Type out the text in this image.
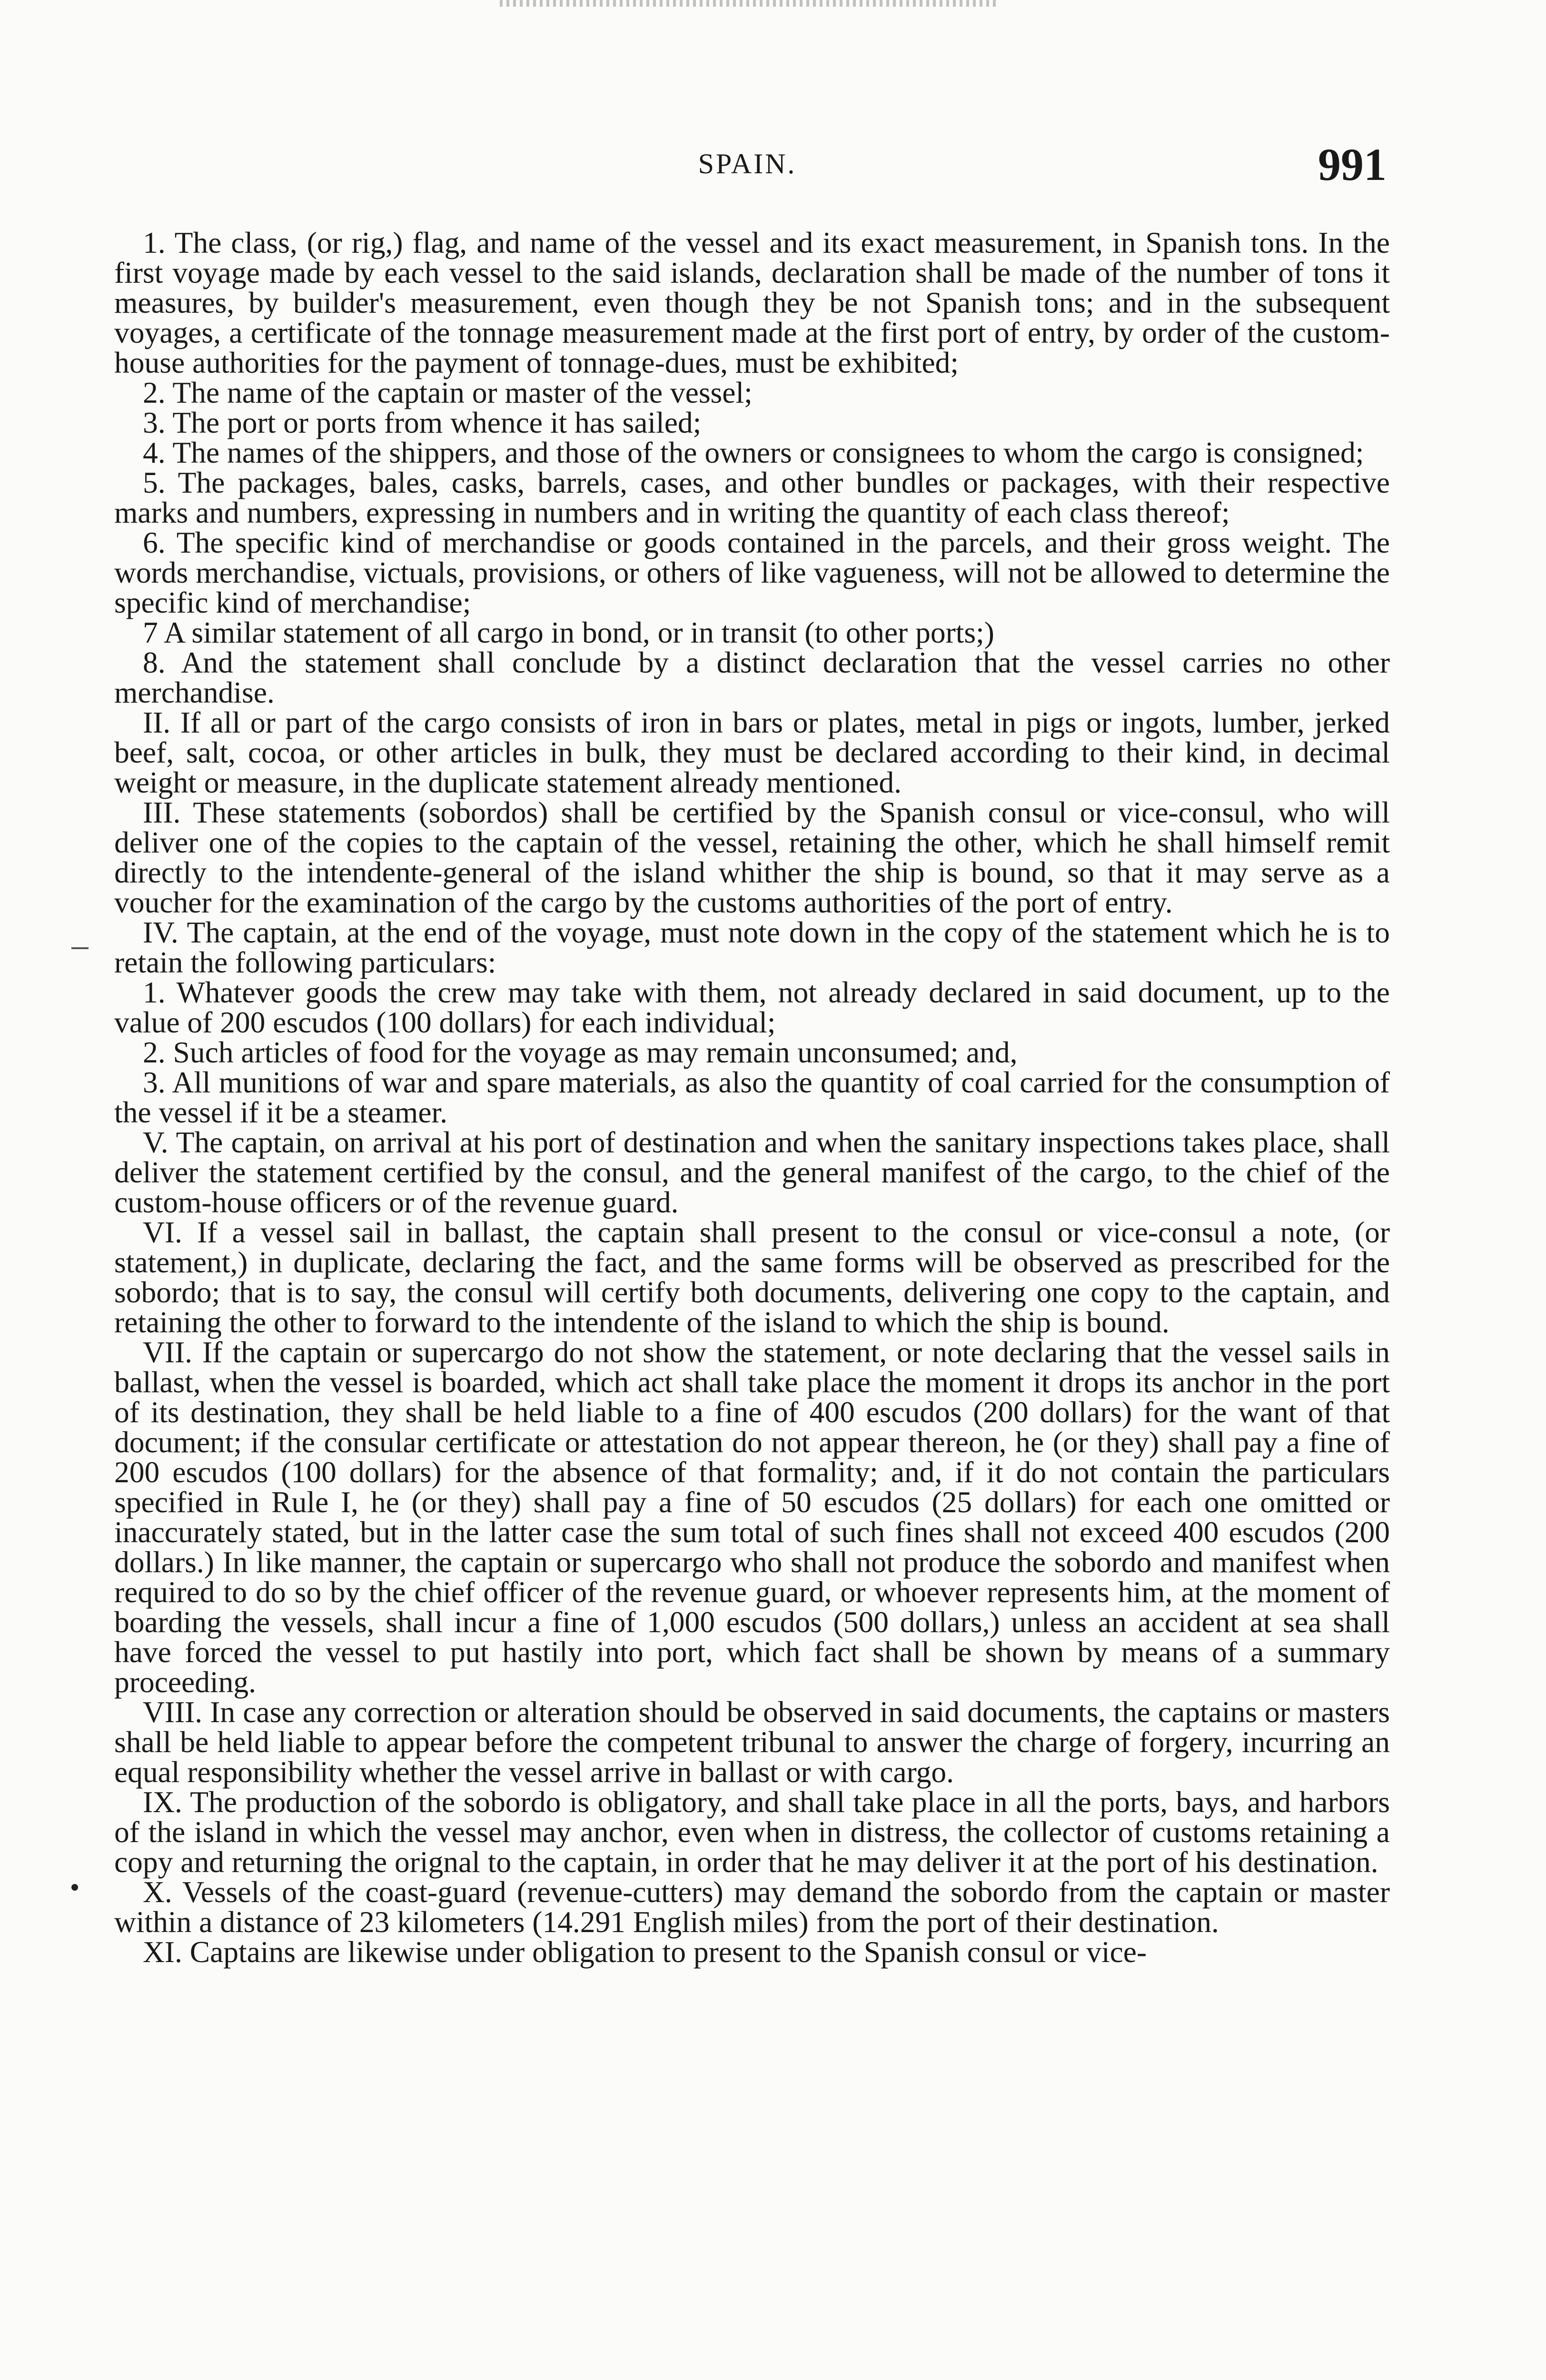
SPAIN.	991

1. The class, (or rig,) flag, and name of the vessel and its exact measurement, in Spanish tons. In the first voyage made by each vessel to the said islands, declaration shall be made of the number of tons it measures, by builder's measurement, even though they be not Spanish tons; and in the subsequent voyages, a certificate of the tonnage measurement made at the first port of entry, by order of the custom-house authorities for the payment of tonnage-dues, must be exhibited;

2. The name of the captain or master of the vessel;

3. The port or ports from whence it has sailed;

4. The names of the shippers, and those of the owners or consignees to whom the cargo is consigned;

5. The packages, bales, casks, barrels, cases, and other bundles or packages, with their respective marks and numbers, expressing in numbers and in writing the quantity of each class thereof;

6. The specific kind of merchandise or goods contained in the parcels, and their gross weight. The words merchandise, victuals, provisions, or others of like vagueness, will not be allowed to determine the specific kind of merchandise;

7 A similar statement of all cargo in bond, or in transit (to other ports;)

8. And the statement shall conclude by a distinct declaration that the vessel carries no other merchandise.

II. If all or part of the cargo consists of iron in bars or plates, metal in pigs or ingots, lumber, jerked beef, salt, cocoa, or other articles in bulk, they must be declared according to their kind, in decimal weight or measure, in the duplicate statement already mentioned.

III. These statements (sobordos) shall be certified by the Spanish consul or vice-consul, who will deliver one of the copies to the captain of the vessel, retaining the other, which he shall himself remit directly to the intendente-general of the island whither the ship is bound, so that it may serve as a voucher for the examination of the cargo by the customs authorities of the port of entry.

IV. The captain, at the end of the voyage, must note down in the copy of the statement which he is to retain the following particulars:

1. Whatever goods the crew may take with them, not already declared in said document, up to the value of 200 escudos (100 dollars) for each individual;

2. Such articles of food for the voyage as may remain unconsumed; and,

3. All munitions of war and spare materials, as also the quantity of coal carried for the consumption of the vessel if it be a steamer.

V. The captain, on arrival at his port of destination and when the sanitary inspections takes place, shall deliver the statement certified by the consul, and the general manifest of the cargo, to the chief of the custom-house officers or of the revenue guard.

VI. If a vessel sail in ballast, the captain shall present to the consul or vice-consul a note, (or statement,) in duplicate, declaring the fact, and the same forms will be observed as prescribed for the sobordo; that is to say, the consul will certify both documents, delivering one copy to the captain, and retaining the other to forward to the intendente of the island to which the ship is bound.

VII. If the captain or supercargo do not show the statement, or note declaring that the vessel sails in ballast, when the vessel is boarded, which act shall take place the moment it drops its anchor in the port of its destination, they shall be held liable to a fine of 400 escudos (200 dollars) for the want of that document; if the consular certificate or attestation do not appear thereon, he (or they) shall pay a fine of 200 escudos (100 dollars) for the absence of that formality; and, if it do not contain the particulars specified in Rule I, he (or they) shall pay a fine of 50 escudos (25 dollars) for each one omitted or inaccurately stated, but in the latter case the sum total of such fines shall not exceed 400 escudos (200 dollars.) In like manner, the captain or supercargo who shall not produce the sobordo and manifest when required to do so by the chief officer of the revenue guard, or whoever represents him, at the moment of boarding the vessels, shall incur a fine of 1,000 escudos (500 dollars,) unless an accident at sea shall have forced the vessel to put hastily into port, which fact shall be shown by means of a summary proceeding.

VIII. In case any correction or alteration should be observed in said documents, the captains or masters shall be held liable to appear before the competent tribunal to answer the charge of forgery, incurring an equal responsibility whether the vessel arrive in ballast or with cargo.

IX. The production of the sobordo is obligatory, and shall take place in all the ports, bays, and harbors of the island in which the vessel may anchor, even when in distress, the collector of customs retaining a copy and returning the orignal to the captain, in order that he may deliver it at the port of his destination.

X. Vessels of the coast-guard (revenue-cutters) may demand the sobordo from the captain or master within a distance of 23 kilometers (14.291 English miles) from the port of their destination.

XI. Captains are likewise under obligation to present to the Spanish consul or vice-
